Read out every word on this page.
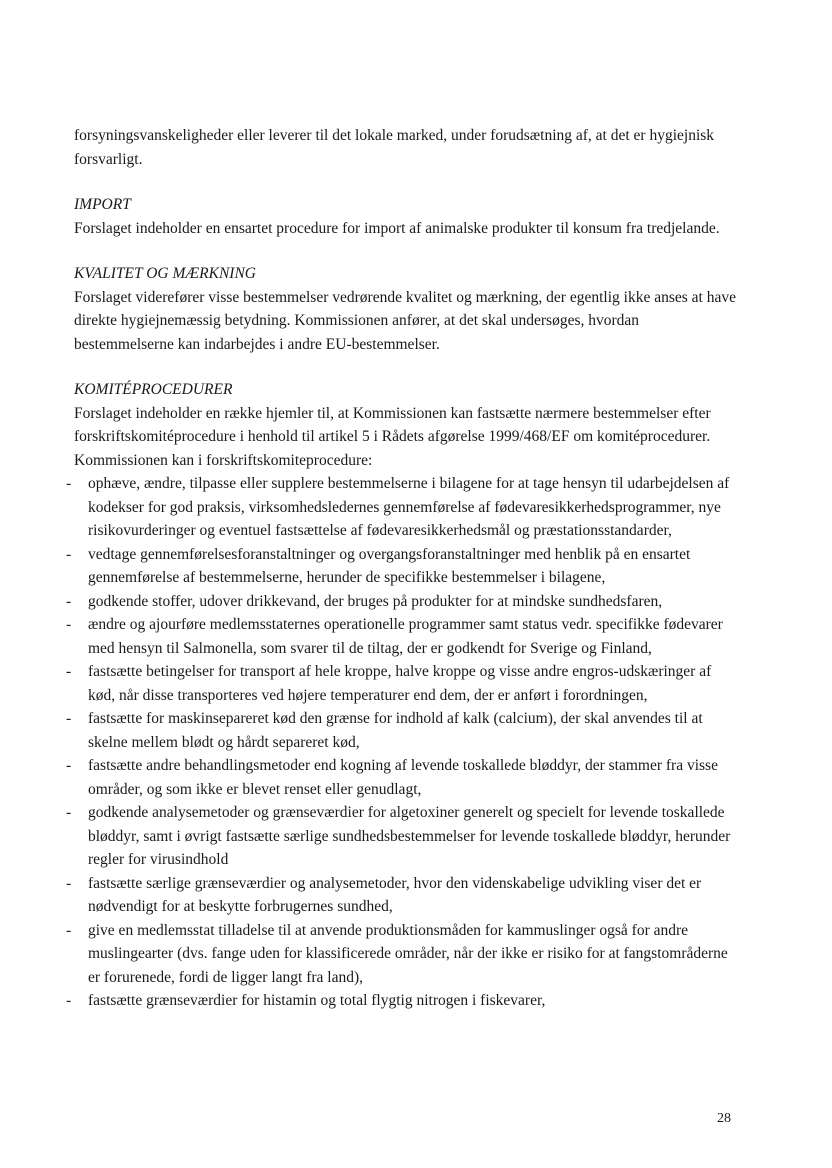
forsyningsvanskeligheder eller leverer til det lokale marked, under forudsætning af, at det er hygiejnisk forsvarligt.

IMPORT

Forslaget indeholder en ensartet procedure for import af animalske produkter til konsum fra tredjelande.

KVALITET OG MÆRKNING

Forslaget viderefører visse bestemmelser vedrørende kvalitet og mærkning, der egentlig ikke anses at have direkte hygiejnemæssig betydning. Kommissionen anfører, at det skal undersøges, hvordan bestemmelserne kan indarbejdes i andre EU-bestemmelser.

KOMITÉPROCEDURER

Forslaget indeholder en række hjemler til, at Kommissionen kan fastsætte nærmere bestemmelser efter forskriftskomitéprocedure i henhold til artikel 5 i Rådets afgørelse 1999/468/EF om komitéprocedurer. Kommissionen kan i forskriftskomiteprocedure:

- ophæve, ændre, tilpasse eller supplere bestemmelserne i bilagene for at tage hensyn til udarbejdelsen af kodekser for god praksis, virksomhedsledernes gennemførelse af fødevaresikkerhedsprogrammer, nye risikovurderinger og eventuel fastsættelse af fødevaresikkerhedsmål og præstationsstandarder,
- vedtage gennemførelsesforanstaltninger og overgangsforanstaltninger med henblik på en ensartet gennemførelse af bestemmelserne, herunder de specifikke bestemmelser i bilagene,
- godkende stoffer, udover drikkevand, der bruges på produkter for at mindske sundhedsfaren,
- ændre og ajourføre medlemsstaternes operationelle programmer samt status vedr. specifikke fødevarer med hensyn til Salmonella, som svarer til de tiltag, der er godkendt for Sverige og Finland,
- fastsætte betingelser for transport af hele kroppe, halve kroppe og visse andre engros-udskæringer af kød, når disse transporteres ved højere temperaturer end dem, der er anført i forordningen,
- fastsætte for maskinsepareret kød den grænse for indhold af kalk (calcium), der skal anvendes til at skelne mellem blødt og hårdt separeret kød,
- fastsætte andre behandlingsmetoder end kogning af levende toskallede bløddyr, der stammer fra visse områder, og som ikke er blevet renset eller genudlagt,
- godkende analysemetoder og grænseværdier for algetoxiner generelt og specielt for levende toskallede bløddyr, samt i øvrigt fastsætte særlige sundhedsbestemmelser for levende toskallede bløddyr, herunder regler for virusindhold
- fastsætte særlige grænseværdier og analysemetoder, hvor den videnskabelige udvikling viser det er nødvendigt for at beskytte forbrugernes sundhed,
- give en medlemsstat tilladelse til at anvende produktionsmåden for kammuslinger også for andre muslingearter (dvs. fange uden for klassificerede områder, når der ikke er risiko for at fangstområderne er forurenede, fordi de ligger langt fra land),
- fastsætte grænseværdier for histamin og total flygtig nitrogen i fiskevarer,
28
